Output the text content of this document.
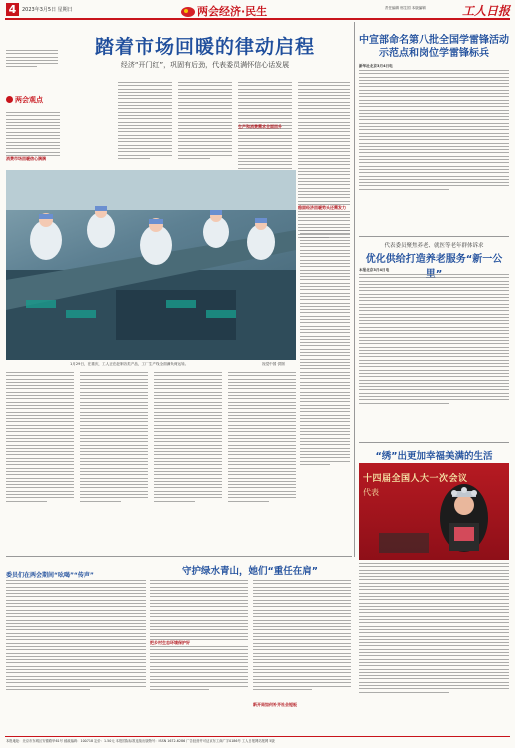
4	2023年3月5日 星期日	两会经济·民生	责任编辑 邢生国 本版编辑	工人日报
踏着市场回暖的律动启程
经济“开门红”，巩固有后劲，代表委员满怀信心话发展
两会观点
消费市场回暖信心满满
生产和消费需求全面回升
稳固经济回暖势头还需发力
1月29日，在重庆，工人正在赶制各类产品，工厂生产线全面满负荷运转。	视觉中国 供图
中宣部命名第八批全国学雷锋活动示范点和岗位学雷锋标兵
新华社北京3月4日电
代表委员聚焦养老、就医等老年群体诉求
优化供给打造养老服务“新一公
本报北京3月4日电
“绣”出更加幸福美满的生活
十四届全国人大一次会议
代表
委员们在两会期间“吆喝”“传声”	守护绿水青山，她们“重任在肩”
把乡村生态环境保护好
新开局如何补齐社会短板
本报地址：北京市东城区安德路甲61号 邮政编码：100718 定价：1.50元 本报国际标准连续出版物号：ISSN 1672-6286 广告经营许可证京东工商广字0186号 工人日报网站报网 5版
